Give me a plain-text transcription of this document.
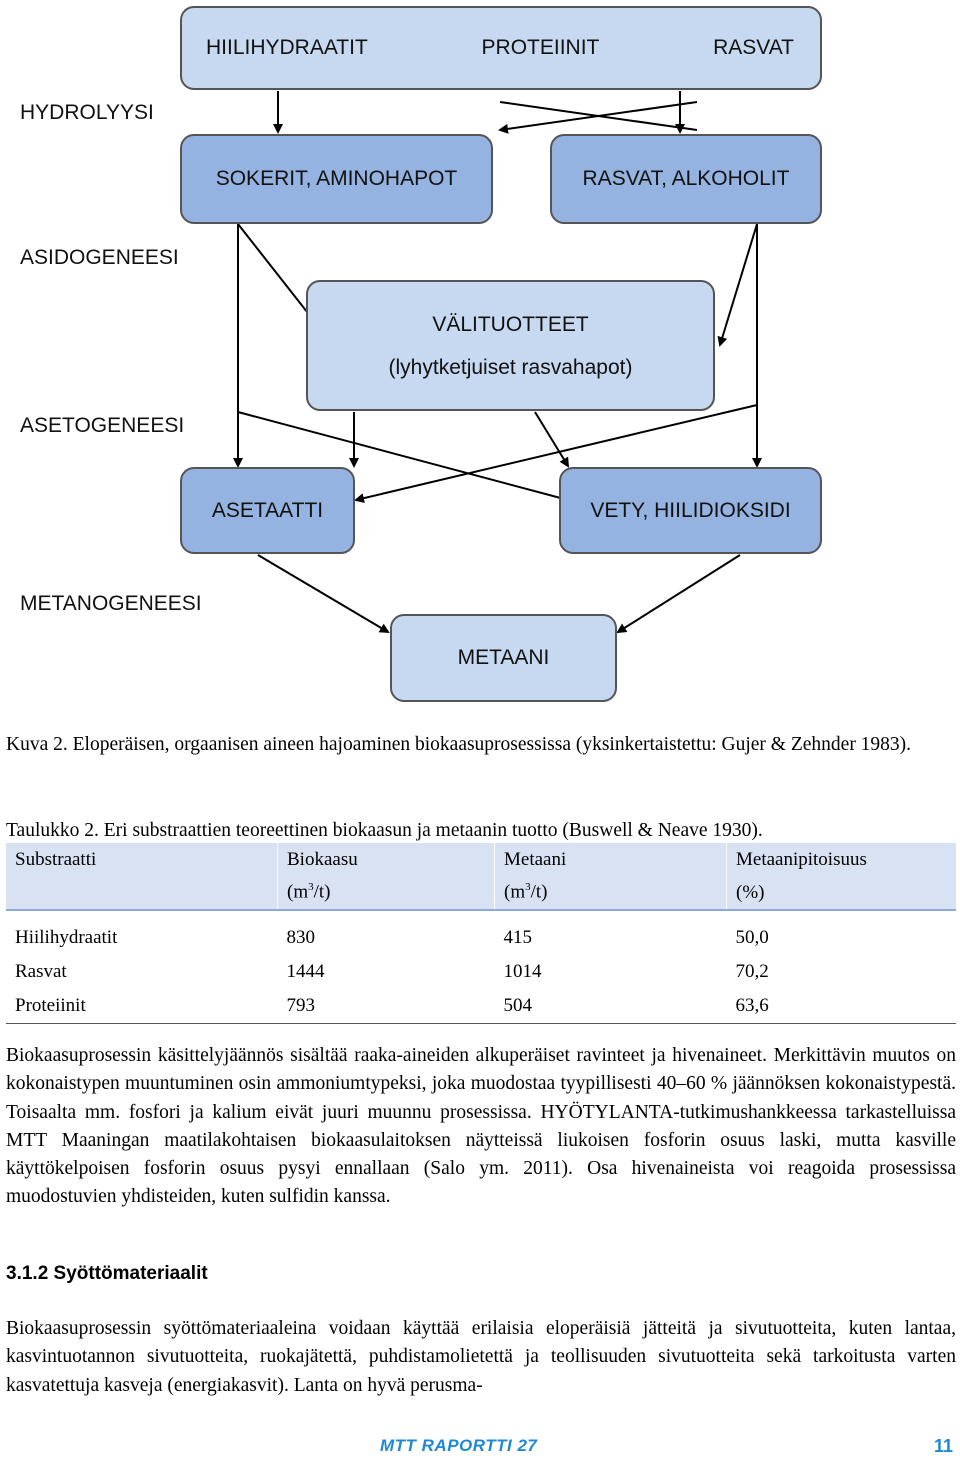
HIILIHYDRAATIT	PROTEIINIT	RASVAT
HYDROLYYSI
SOKERIT, AMINOHAPOT	RASVAT, ALKOHOLIT
ASIDOGENEESI
VÄLITUOTTEET
(lyhytketjuiset rasvahapot)
ASETOGENEESI
ASETAATTI	VETY, HIILIDIOKSIDI
METANOGENEESI
METAANI
Kuva 2. Eloperäisen, orgaanisen aineen hajoaminen biokaasuprosessissa (yksinkertaistettu: Gujer & Zehnder 1983).
Taulukko 2. Eri substraattien teoreettinen biokaasun ja metaanin tuotto (Buswell & Neave 1930).
Substraatti	Biokaasu	Metaani	Metaanipitoisuus
	$(m^3/t)$	$(m^3/t)$	(%)
Hiilihydraatit	830	415	50,0
Rasvat	1444	1014	70,2
Proteiinit	793	504	63,6
Biokaasuprosessin käsittelyjäännös sisältää raaka-aineiden alkuperäiset ravinteet ja hivenaineet. Merkittävin muutos on kokonaistypen muuntuminen osin ammoniumtypeksi, joka muodostaa tyypillisesti 40–60 % jäännöksen kokonaistypestä. Toisaalta mm. fosfori ja kalium eivät juuri muunnu prosessissa. HYÖTYLANTA-tutkimushankkeessa tarkastelluissa MTT Maaningan maatilakohtaisen biokaasulaitoksen näytteissä liukoisen fosforin osuus laski, mutta kasville käyttökelpoisen fosforin osuus pysyi ennallaan (Salo ym. 2011). Osa hivenaineista voi reagoida prosessissa muodostuvien yhdisteiden, kuten sulfidin kanssa.
3.1.2 Syöttömateriaalit
Biokaasuprosessin syöttömateriaaleina voidaan käyttää erilaisia eloperäisiä jätteitä ja sivutuotteita, kuten lantaa, kasvintuotannon sivutuotteita, ruokajätettä, puhdistamolietettä ja teollisuuden sivutuotteita sekä tarkoitusta varten kasvatettuja kasveja (energiakasvit). Lanta on hyvä perusma-
MTT RAPORTTI 27	11
